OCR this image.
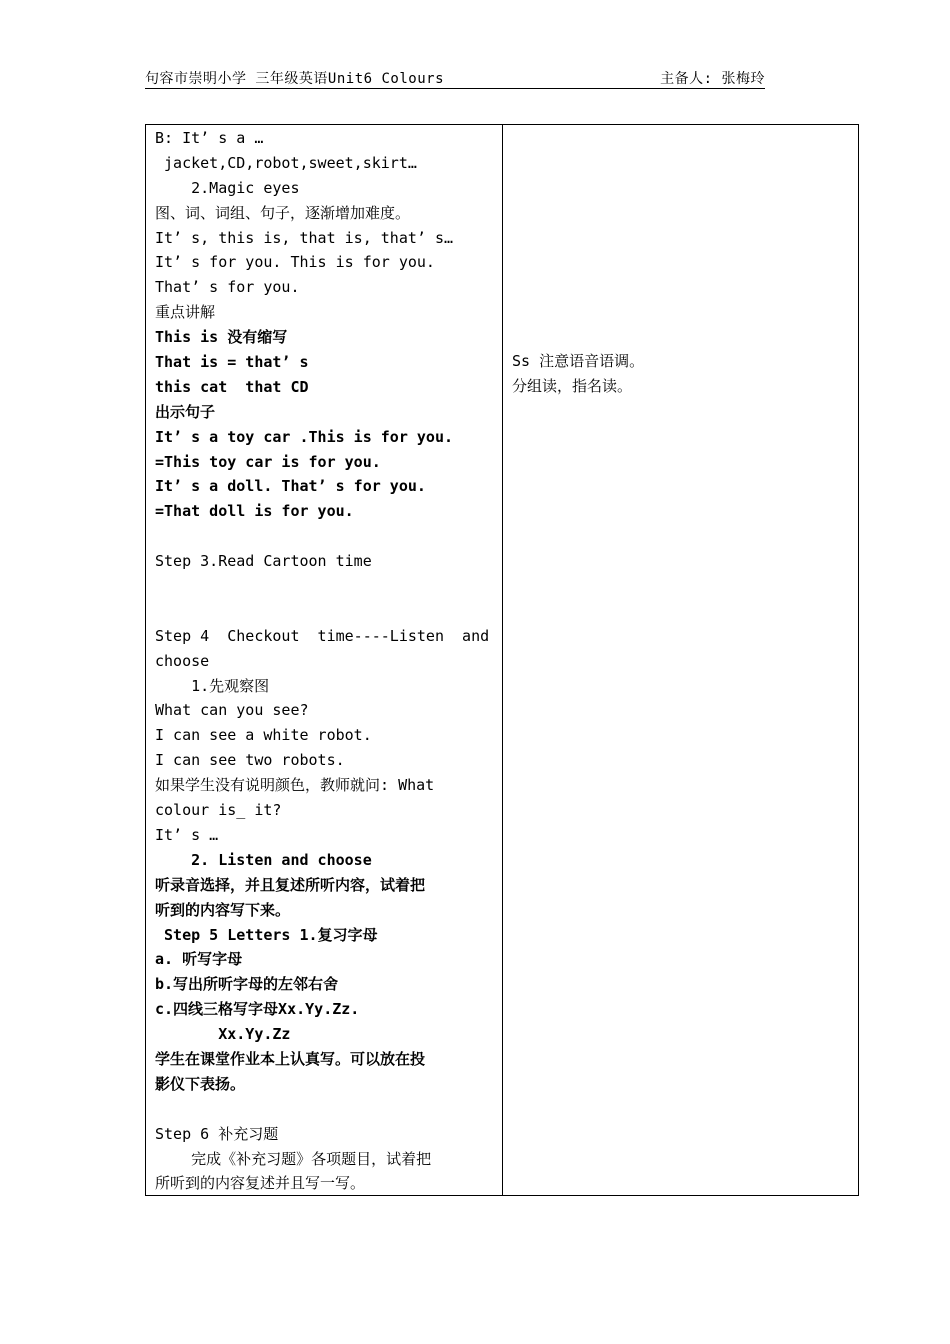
句容市崇明小学 三年级英语Unit6 Colours	主备人: 张梅玲
B: It’ s a …
jacket,CD,robot,sweet,skirt…
2.Magic eyes
图、词、词组、句子，逐渐增加难度。
It’ s, this is, that is, that’ s…
It’ s for you. This is for you.
That’ s for you.
重点讲解
This is 没有缩写
That is = that’ s
this cat  that CD
出示句子
It’ s a toy car .This is for you.
=This toy car is for you.
It’ s a doll. That’ s for you.
=That doll is for you.
Step 3.Read Cartoon time
Step 4  Checkout  time----Listen  and
choose
1.先观察图
What can you see?
I can see a white robot.
I can see two robots.
如果学生没有说明颜色，教师就问: What
colour is_ it?
It’ s …
2. Listen and choose
听录音选择，并且复述所听内容，试着把
听到的内容写下来。
Step 5 Letters 1.复习字母
a. 听写字母
b.写出所听字母的左邻右舍
c.四线三格写字母Xx.Yy.Zz.
Xx.Yy.Zz
学生在课堂作业本上认真写。可以放在投
影仪下表扬。
Step 6 补充习题
完成《补充习题》各项题目，试着把
所听到的内容复述并且写一写。
Ss 注意语音语调。
分组读，指名读。
